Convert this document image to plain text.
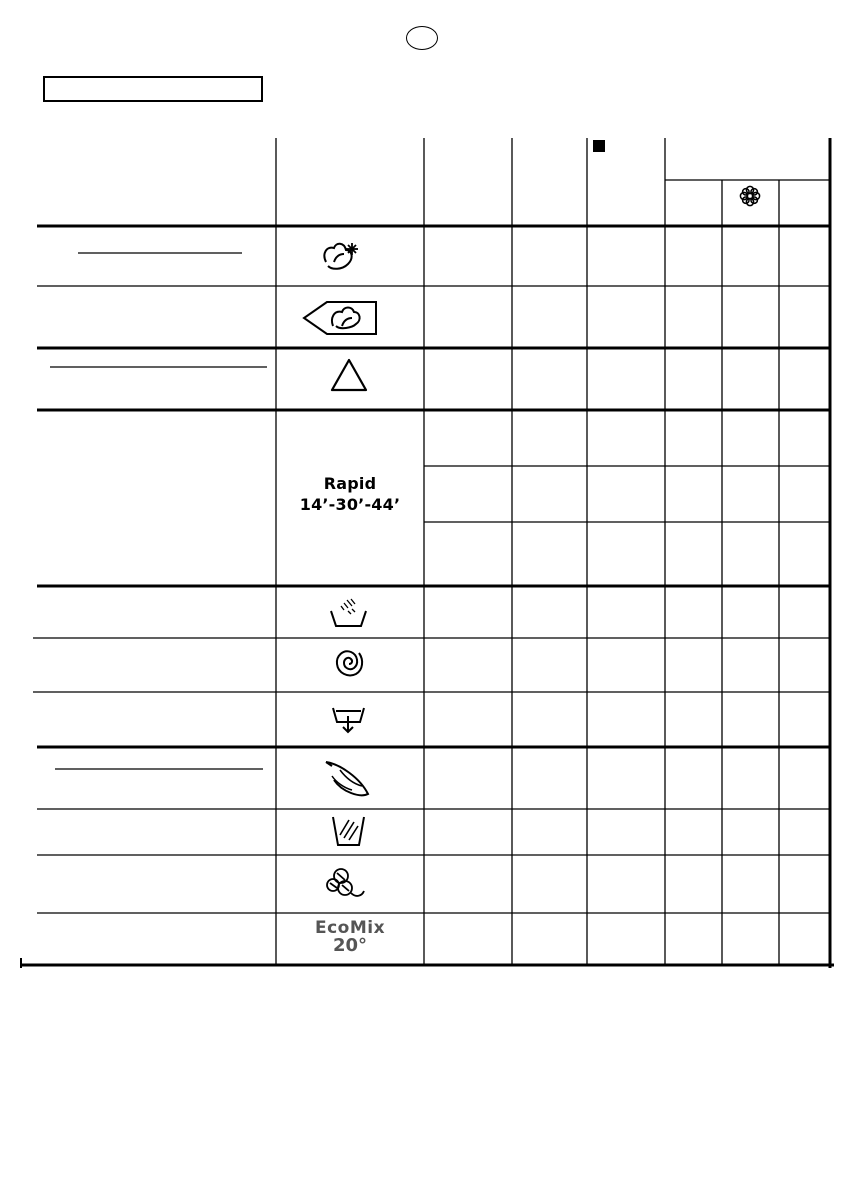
Rapid
14’-30’-44’
EcoMix
20°
